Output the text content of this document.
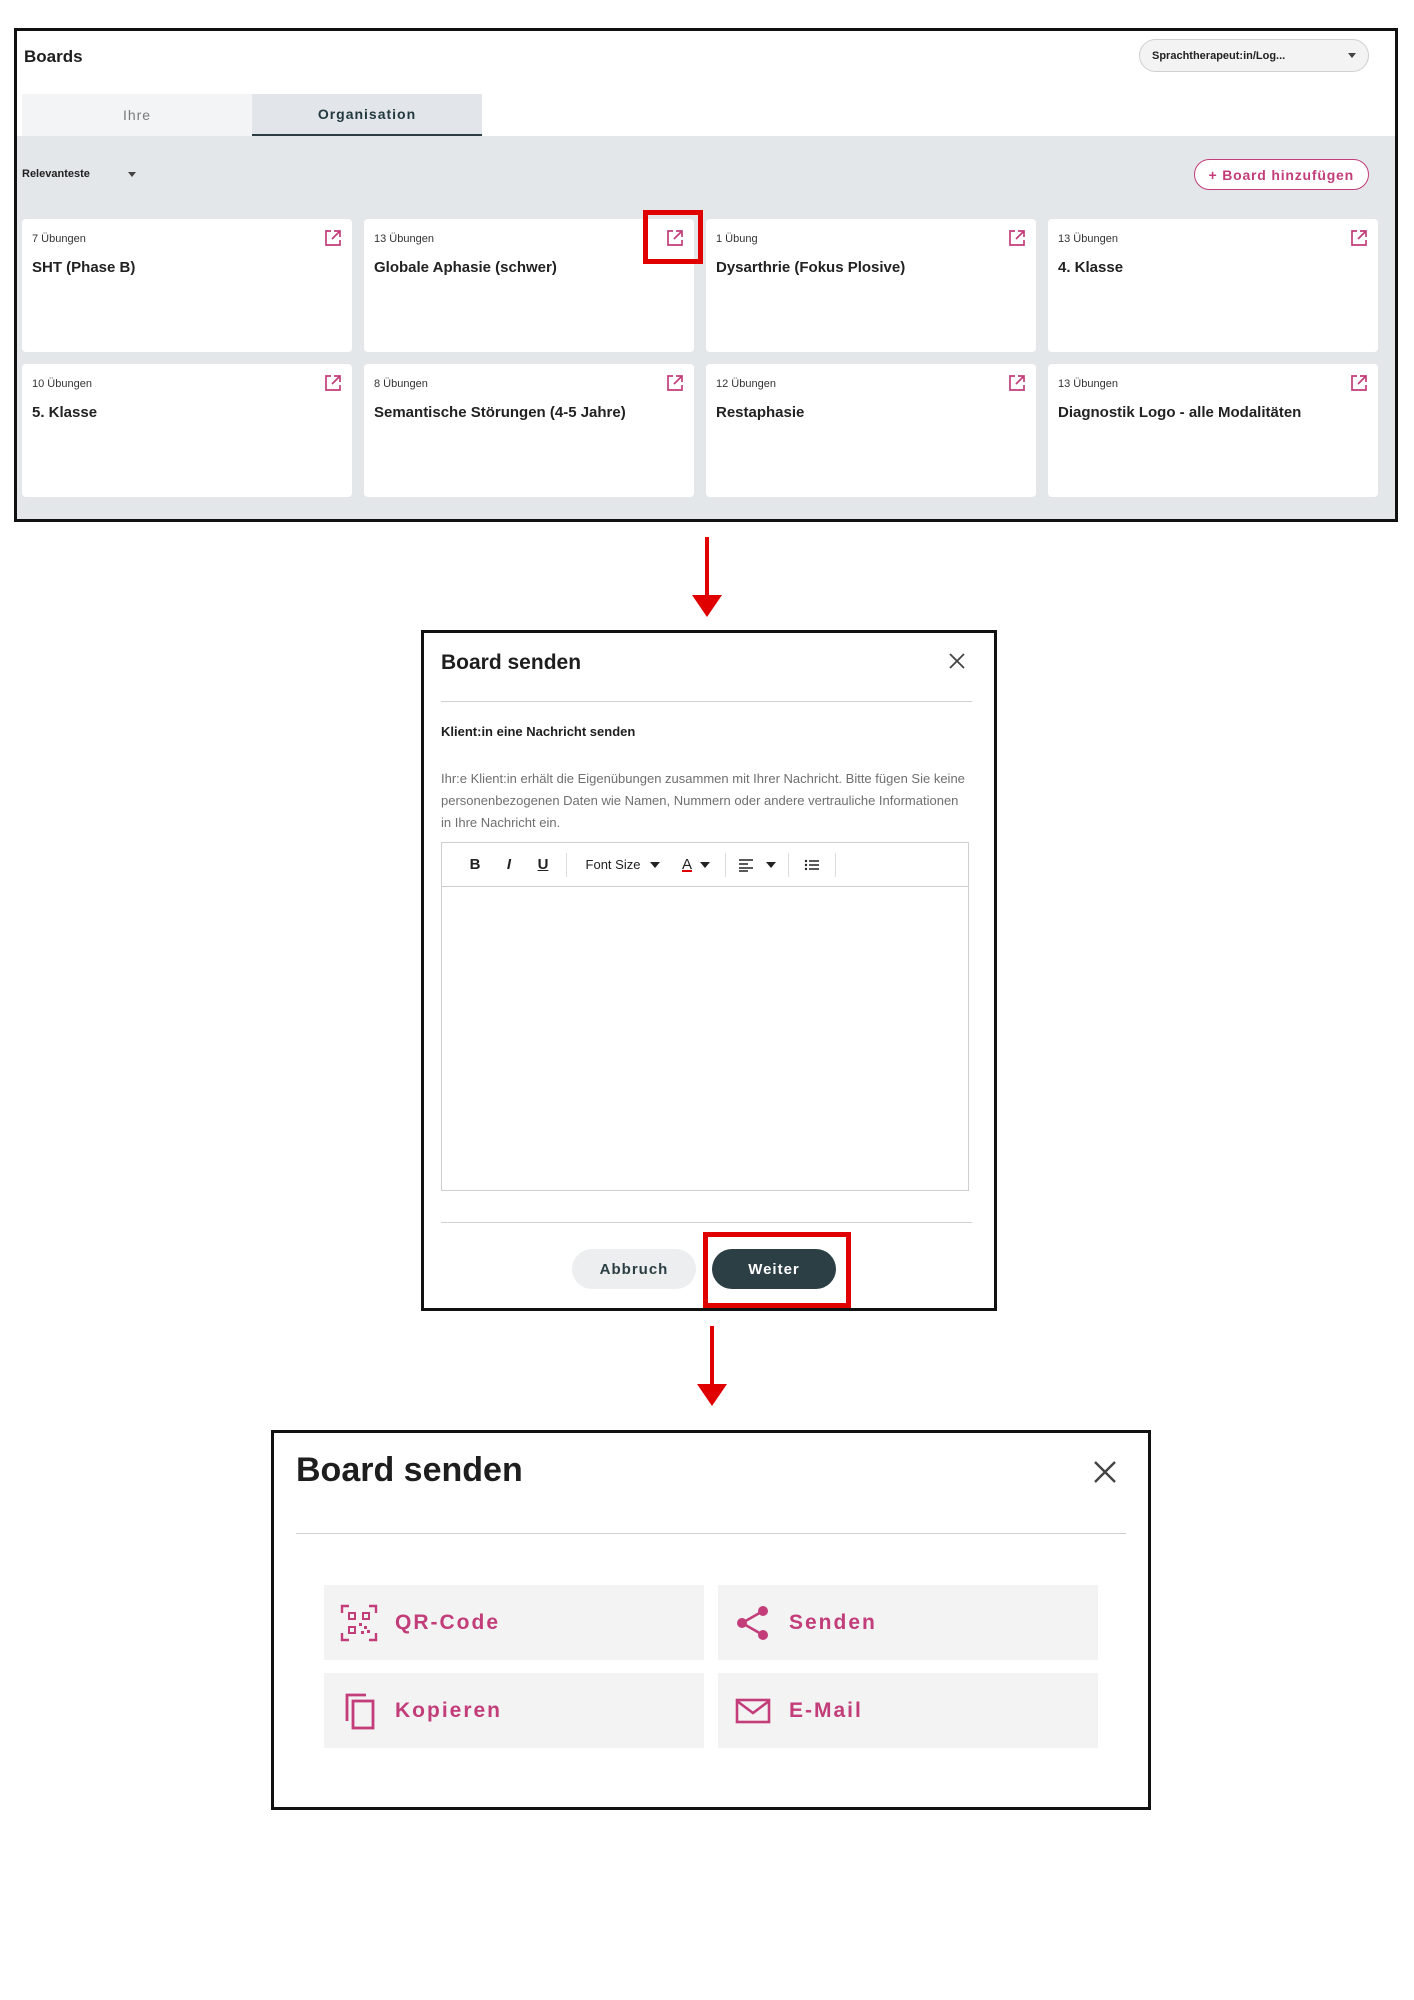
Boards	Sprachtherapeut:in/Log...
Ihre	Organisation
Relevanteste	+ Board hinzufügen
7 Übungen
SHT (Phase B)
13 Übungen
Globale Aphasie (schwer)
1 Übung
Dysarthrie (Fokus Plosive)
13 Übungen
4. Klasse
10 Übungen
5. Klasse
8 Übungen
Semantische Störungen (4-5 Jahre)
12 Übungen
Restaphasie
13 Übungen
Diagnostik Logo - alle Modalitäten
Board senden
Klient:in eine Nachricht senden
Ihr:e Klient:in erhält die Eigenübungen zusammen mit Ihrer Nachricht. Bitte fügen Sie keine personenbezogenen Daten wie Namen, Nummern oder andere vertrauliche Informationen in Ihre Nachricht ein.
B	I	U	Font Size	A
Abbruch	Weiter
Board senden
QR-Code	Senden
Kopieren	E-Mail
